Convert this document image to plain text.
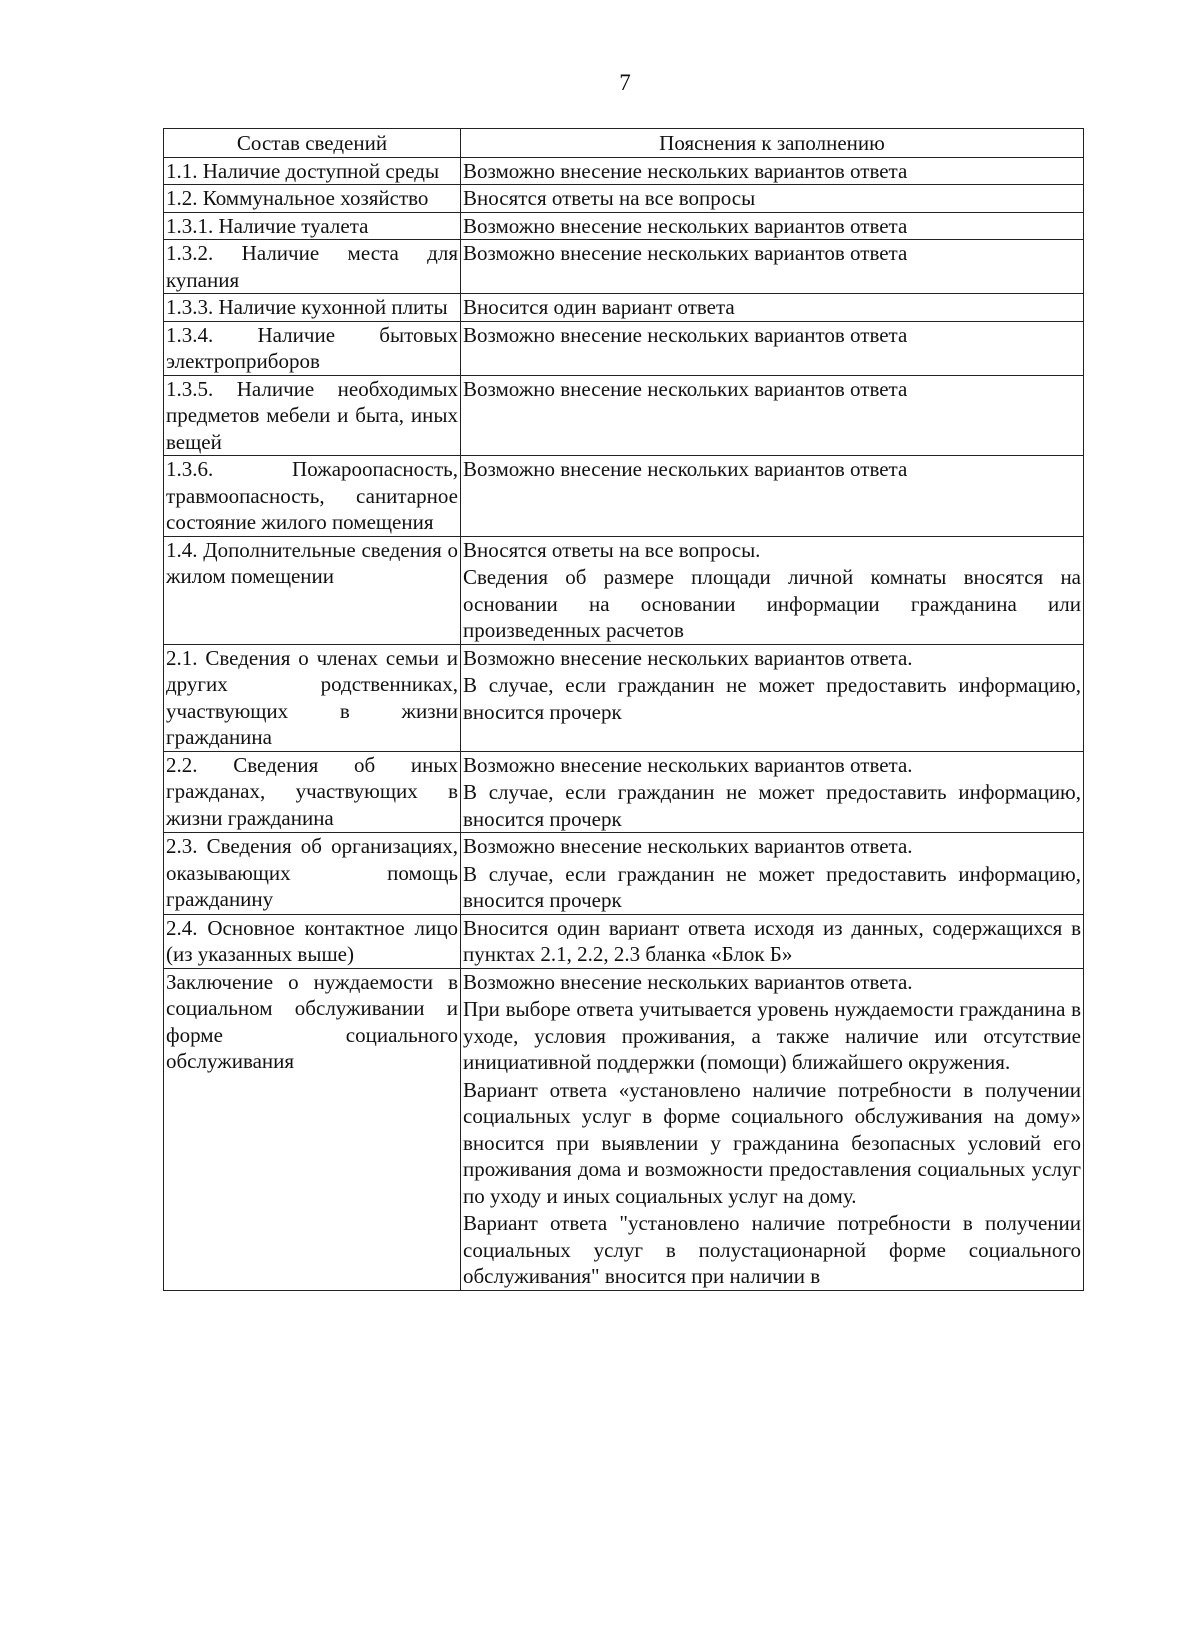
7
Состав сведений	Пояснения к заполнению
1.1. Наличие доступной среды	Возможно внесение нескольких вариантов ответа

1.2. Коммунальное хозяйство	Вносятся ответы на все вопросы

1.3.1. Наличие туалета	Возможно внесение нескольких вариантов ответа

1.3.2. Наличие места для купания	Возможно внесение нескольких вариантов ответа

1.3.3. Наличие кухонной плиты	Вносится один вариант ответа

1.3.4. Наличие бытовых электроприборов	Возможно внесение нескольких вариантов ответа

1.3.5. Наличие необходимых предметов мебели и быта, иных вещей	Возможно внесение нескольких вариантов ответа

1.3.6. Пожароопасность, травмоопасность, санитарное состояние жилого помещения	Возможно внесение нескольких вариантов ответа

1.4. Дополнительные сведения о жилом помещении	Вносятся ответы на все вопросы.

Сведения об размере площади личной комнаты вносятся на основании на основании информации гражданина или произведенных расчетов

2.1. Сведения о членах семьи и других родственниках, участвующих в жизни гражданина	Возможно внесение нескольких вариантов ответа.

В случае, если гражданин не может предоставить информацию, вносится прочерк

2.2. Сведения об иных гражданах, участвующих в жизни гражданина	Возможно внесение нескольких вариантов ответа.

В случае, если гражданин не может предоставить информацию, вносится прочерк

2.3. Сведения об организациях, оказывающих помощь гражданину	Возможно внесение нескольких вариантов ответа.

В случае, если гражданин не может предоставить информацию, вносится прочерк

2.4. Основное контактное лицо (из указанных выше)	Вносится один вариант ответа исходя из данных, содержащихся в пунктах 2.1, 2.2, 2.3 бланка «Блок Б»

Заключение о нуждаемости в социальном обслуживании и форме социального обслуживания	Возможно внесение нескольких вариантов ответа.

При выборе ответа учитывается уровень нуждаемости гражданина в уходе, условия проживания, а также наличие или отсутствие инициативной поддержки (помощи) ближайшего окружения.

Вариант ответа «установлено наличие потребности в получении социальных услуг в форме социального обслуживания на дому» вносится при выявлении у гражданина безопасных условий его проживания дома и возможности предоставления социальных услуг по уходу и иных социальных услуг на дому.

Вариант ответа "установлено наличие потребности в получении социальных услуг в полустационарной форме социального обслуживания" вносится при наличии в
